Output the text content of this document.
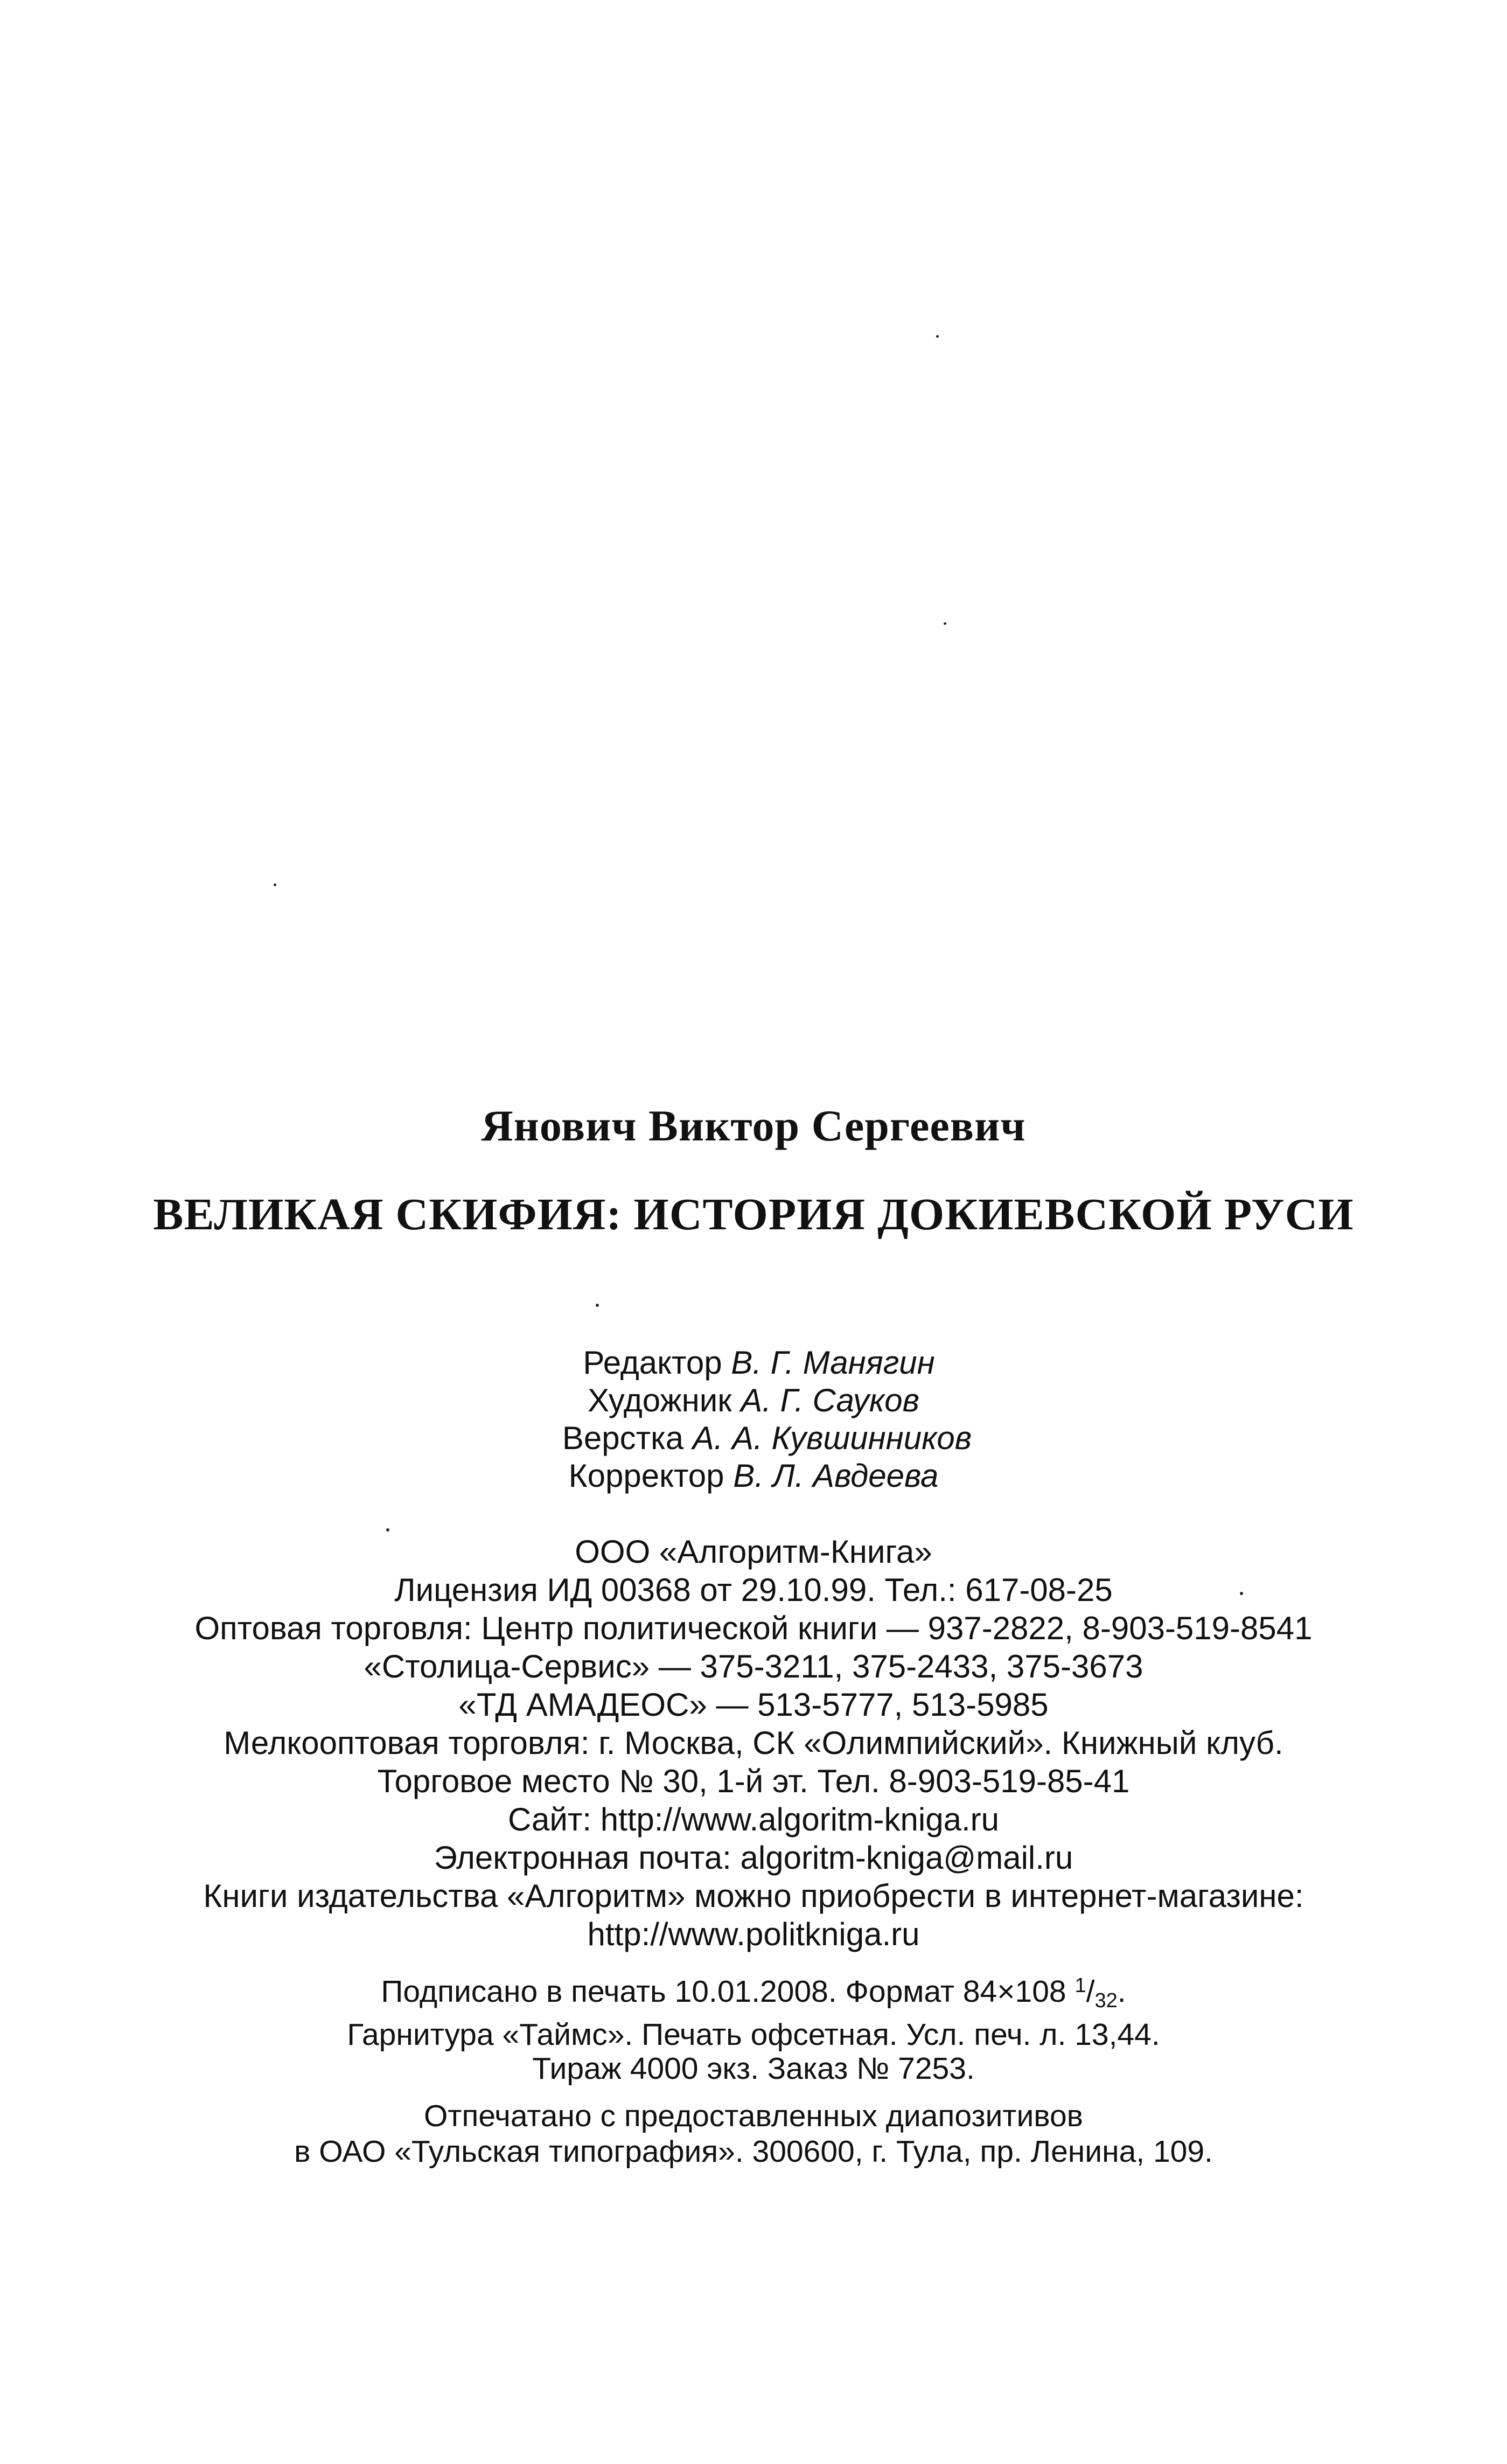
Янович Виктор Сергеевич
ВЕЛИКАЯ СКИФИЯ: ИСТОРИЯ ДОКИЕВСКОЙ РУСИ
Редактор В. Г. Манягин
Художник А. Г. Сауков
Верстка А. А. Кувшинников
Корректор В. Л. Авдеева
ООО «Алгоритм-Книга»
Лицензия ИД 00368 от 29.10.99. Тел.: 617-08-25
Оптовая торговля: Центр политической книги — 937-2822, 8-903-519-8541
«Столица-Сервис» — 375-3211, 375-2433, 375-3673
«ТД АМАДЕОС» — 513-5777, 513-5985
Мелкооптовая торговля: г. Москва, СК «Олимпийский». Книжный клуб.
Торговое место № 30, 1-й эт. Тел. 8-903-519-85-41
Сайт: http://www.algoritm-kniga.ru
Электронная почта: algoritm-kniga@mail.ru
Книги издательства «Алгоритм» можно приобрести в интернет-магазине:
http://www.politkniga.ru
Подписано в печать 10.01.2008. Формат 84×108 $^1/_{32}$.
Гарнитура «Таймс». Печать офсетная. Усл. печ. л. 13,44.
Тираж 4000 экз. Заказ № 7253.
Отпечатано с предоставленных диапозитивов
в ОАО «Тульская типография». 300600, г. Тула, пр. Ленина, 109.
